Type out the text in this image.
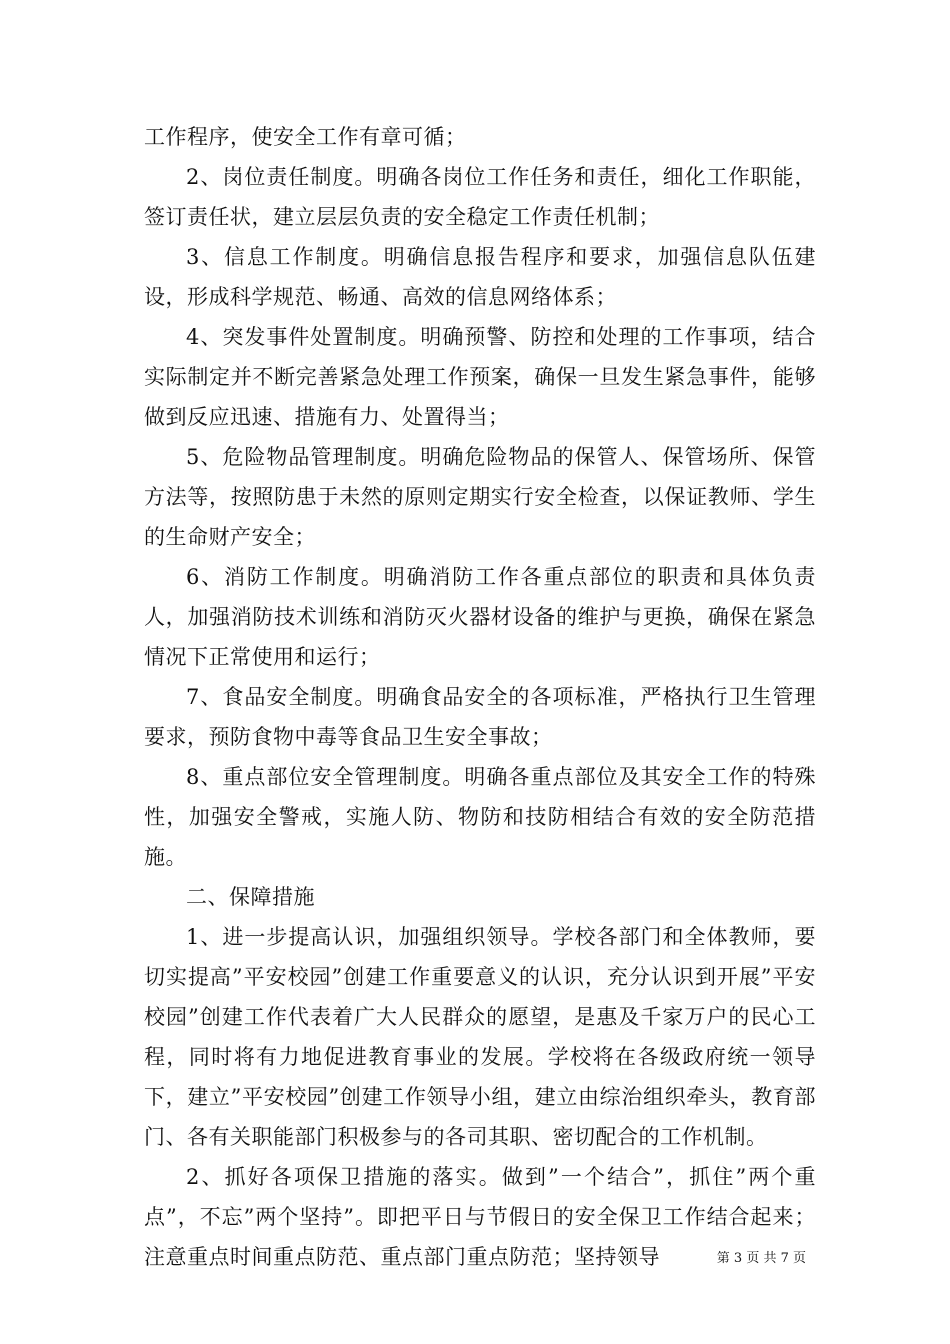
工作程序，使安全工作有章可循；

2、岗位责任制度。明确各岗位工作任务和责任，细化工作职能，签订责任状，建立层层负责的安全稳定工作责任机制；

3、信息工作制度。明确信息报告程序和要求，加强信息队伍建设，形成科学规范、畅通、高效的信息网络体系；

4、突发事件处置制度。明确预警、防控和处理的工作事项，结合实际制定并不断完善紧急处理工作预案，确保一旦发生紧急事件，能够做到反应迅速、措施有力、处置得当；

5、危险物品管理制度。明确危险物品的保管人、保管场所、保管方法等，按照防患于未然的原则定期实行安全检查，以保证教师、学生的生命财产安全；

6、消防工作制度。明确消防工作各重点部位的职责和具体负责人，加强消防技术训练和消防灭火器材设备的维护与更换，确保在紧急情况下正常使用和运行；

7、食品安全制度。明确食品安全的各项标准，严格执行卫生管理要求，预防食物中毒等食品卫生安全事故；

8、重点部位安全管理制度。明确各重点部位及其安全工作的特殊性，加强安全警戒，实施人防、物防和技防相结合有效的安全防范措施。

二、保障措施

1、进一步提高认识，加强组织领导。学校各部门和全体教师，要切实提高”平安校园”创建工作重要意义的认识，充分认识到开展”平安校园”创建工作代表着广大人民群众的愿望，是惠及千家万户的民心工程，同时将有力地促进教育事业的发展。学校将在各级政府统一领导下，建立”平安校园”创建工作领导小组，建立由综治组织牵头，教育部门、各有关职能部门积极参与的各司其职、密切配合的工作机制。

2、抓好各项保卫措施的落实。做到”一个结合”，抓住”两个重点”，不忘”两个坚持”。即把平日与节假日的安全保卫工作结合起来；注意重点时间重点防范、重点部门重点防范；坚持领导	第 3 页 共 7 页
